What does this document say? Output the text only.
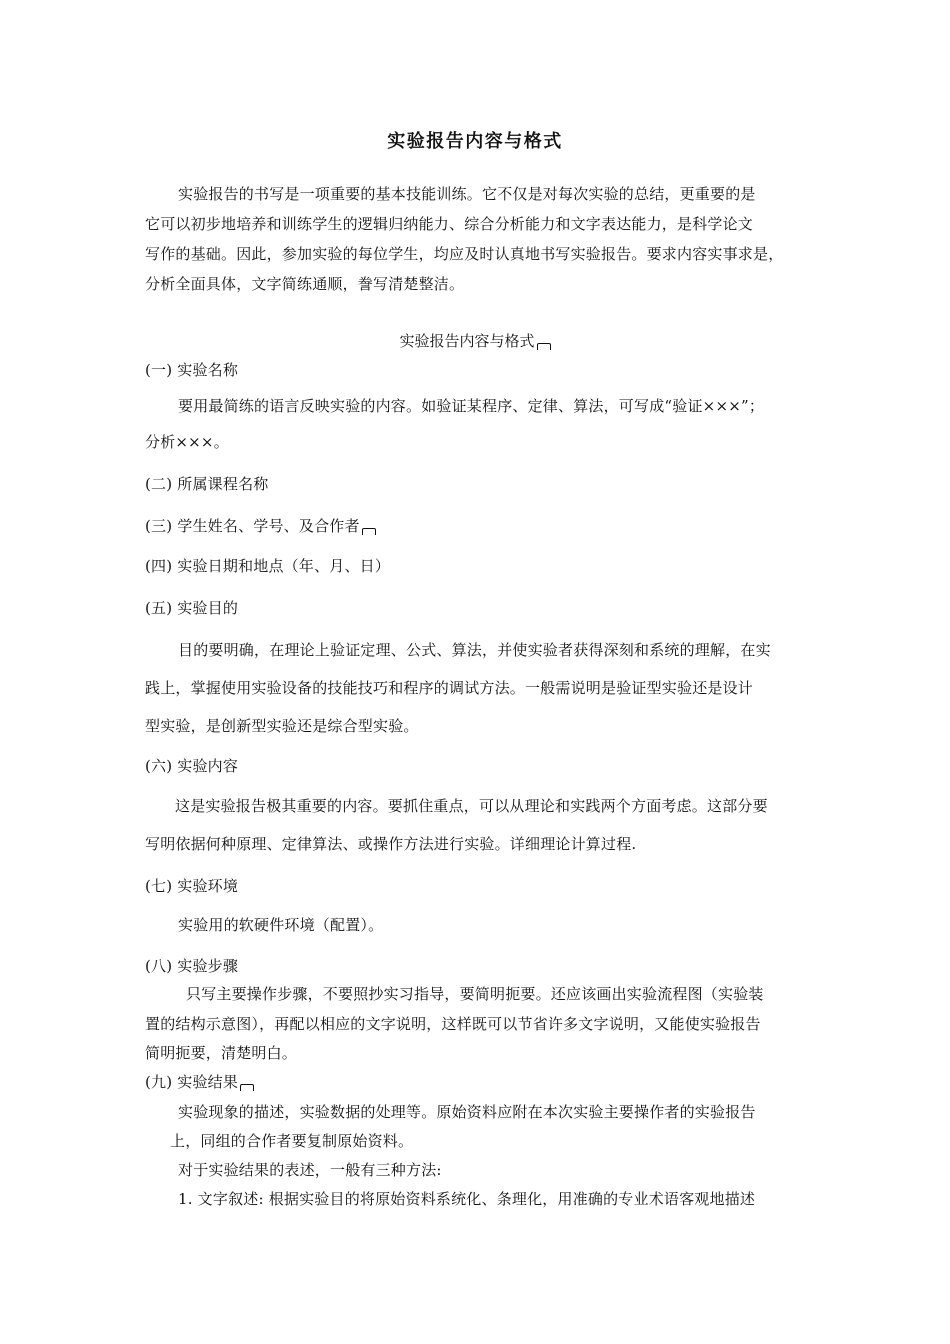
实验报告内容与格式
实验报告的书写是一项重要的基本技能训练。它不仅是对每次实验的总结，更重要的是
它可以初步地培养和训练学生的逻辑归纳能力、综合分析能力和文字表达能力，是科学论文
写作的基础。因此，参加实验的每位学生，均应及时认真地书写实验报告。要求内容实事求是，
分析全面具体，文字简练通顺，誊写清楚整洁。
实验报告内容与格式
(一) 实验名称
要用最简练的语言反映实验的内容。如验证某程序、定律、算法，可写成“验证×××”；
分析×××。
(二) 所属课程名称
(三) 学生姓名、学号、及合作者
(四) 实验日期和地点（年、月、日）
(五) 实验目的
目的要明确，在理论上验证定理、公式、算法，并使实验者获得深刻和系统的理解，在实
践上，掌握使用实验设备的技能技巧和程序的调试方法。一般需说明是验证型实验还是设计
型实验，是创新型实验还是综合型实验。
(六) 实验内容
这是实验报告极其重要的内容。要抓住重点，可以从理论和实践两个方面考虑。这部分要
写明依据何种原理、定律算法、或操作方法进行实验。详细理论计算过程.
(七) 实验环境
实验用的软硬件环境（配置）。
(八) 实验步骤
只写主要操作步骤，不要照抄实习指导，要简明扼要。还应该画出实验流程图（实验装
置的结构示意图），再配以相应的文字说明，这样既可以节省许多文字说明，又能使实验报告
简明扼要，清楚明白。
(九) 实验结果
实验现象的描述，实验数据的处理等。原始资料应附在本次实验主要操作者的实验报告
上，同组的合作者要复制原始资料。
对于实验结果的表述，一般有三种方法:
1. 文字叙述: 根据实验目的将原始资料系统化、条理化，用准确的专业术语客观地描述
